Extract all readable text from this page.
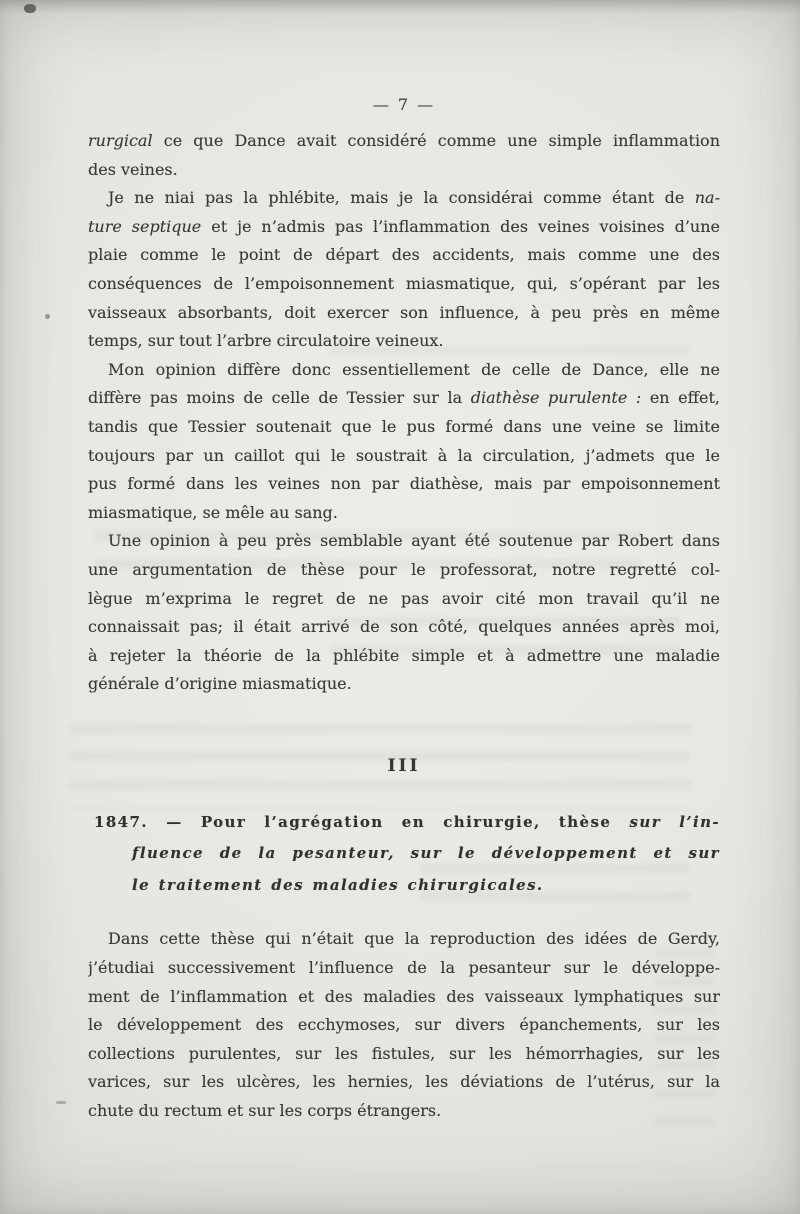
— 7 —
rurgical ce que Dance avait considéré comme une simple inflammation
des veines.
Je ne niai pas la phlébite, mais je la considérai comme étant de na-
ture septique et je n’admis pas l’inflammation des veines voisines d’une
plaie comme le point de départ des accidents, mais comme une des
conséquences de l’empoisonnement miasmatique, qui, s’opérant par les
vaisseaux absorbants, doit exercer son influence, à peu près en même
temps, sur tout l’arbre circulatoire veineux.
Mon opinion diffère donc essentiellement de celle de Dance, elle ne
diffère pas moins de celle de Tessier sur la diathèse purulente : en effet,
tandis que Tessier soutenait que le pus formé dans une veine se limite
toujours par un caillot qui le soustrait à la circulation, j’admets que le
pus formé dans les veines non par diathèse, mais par empoisonnement
miasmatique, se mêle au sang.
Une opinion à peu près semblable ayant été soutenue par Robert dans
une argumentation de thèse pour le professorat, notre regretté col-
lègue m’exprima le regret de ne pas avoir cité mon travail qu’il ne
connaissait pas; il était arrivé de son côté, quelques années après moi,
à rejeter la théorie de la phlébite simple et à admettre une maladie
générale d’origine miasmatique.
III
1847. — Pour l’agrégation en chirurgie, thèse sur l’in-
fluence de la pesanteur, sur le développement et sur
le traitement des maladies chirurgicales.
Dans cette thèse qui n’était que la reproduction des idées de Gerdy,
j’étudiai successivement l’influence de la pesanteur sur le développe-
ment de l’inflammation et des maladies des vaisseaux lymphatiques sur
le développement des ecchymoses, sur divers épanchements, sur les
collections purulentes, sur les fistules, sur les hémorrhagies, sur les
varices, sur les ulcères, les hernies, les déviations de l’utérus, sur la
chute du rectum et sur les corps étrangers.
